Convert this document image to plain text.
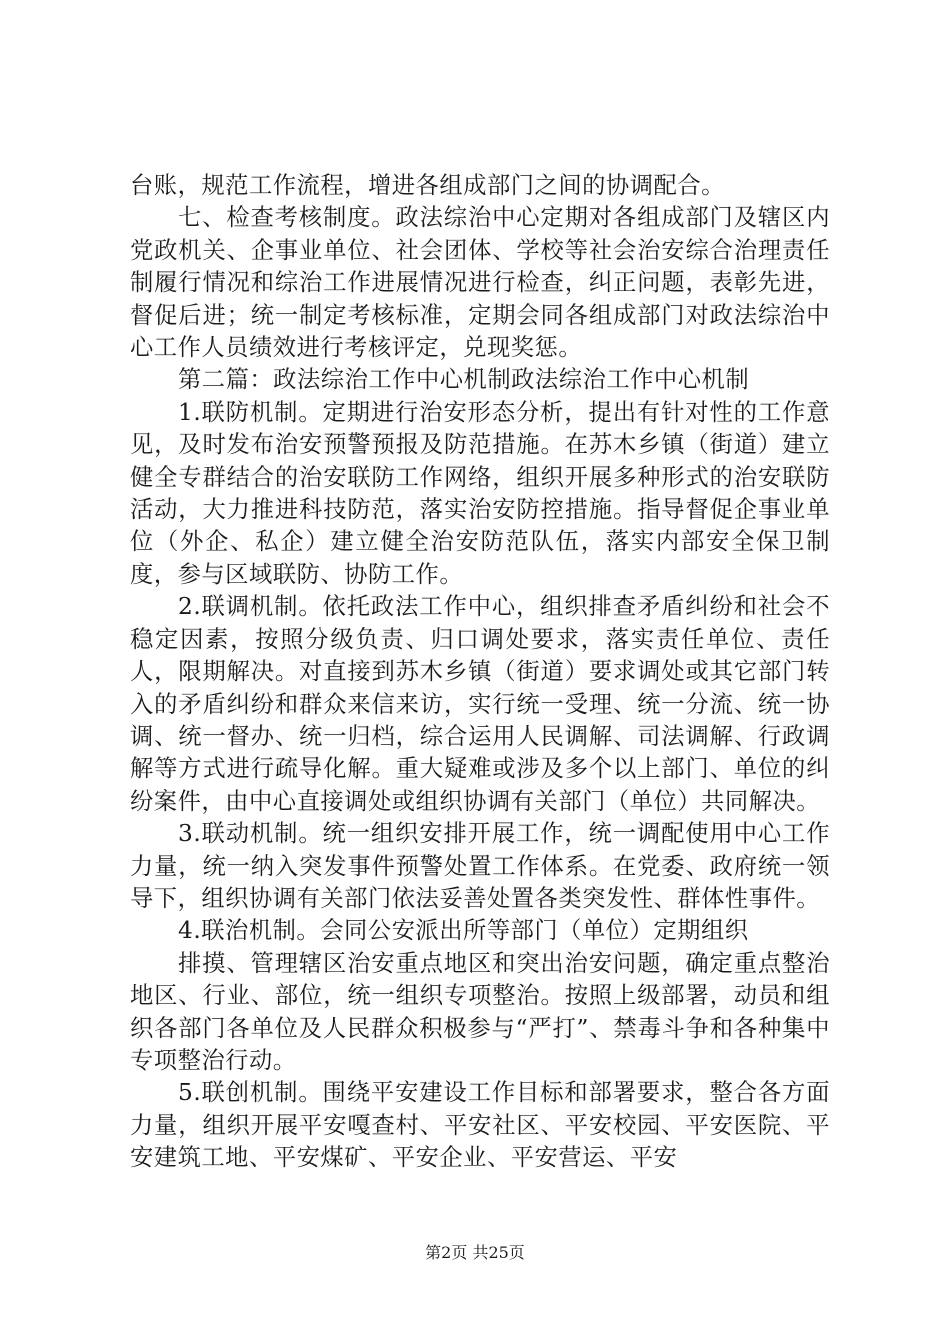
台账，规范工作流程，增进各组成部门之间的协调配合。

七、检查考核制度。政法综治中心定期对各组成部门及辖区内党政机关、企事业单位、社会团体、学校等社会治安综合治理责任制履行情况和综治工作进展情况进行检查，纠正问题，表彰先进，督促后进；统一制定考核标准，定期会同各组成部门对政法综治中心工作人员绩效进行考核评定，兑现奖惩。

第二篇：政法综治工作中心机制政法综治工作中心机制

1.联防机制。定期进行治安形态分析，提出有针对性的工作意见，及时发布治安预警预报及防范措施。在苏木乡镇（街道）建立健全专群结合的治安联防工作网络，组织开展多种形式的治安联防活动，大力推进科技防范，落实治安防控措施。指导督促企事业单位（外企、私企）建立健全治安防范队伍，落实内部安全保卫制度，参与区域联防、协防工作。

2.联调机制。依托政法工作中心，组织排查矛盾纠纷和社会不稳定因素，按照分级负责、归口调处要求，落实责任单位、责任人，限期解决。对直接到苏木乡镇（街道）要求调处或其它部门转入的矛盾纠纷和群众来信来访，实行统一受理、统一分流、统一协调、统一督办、统一归档，综合运用人民调解、司法调解、行政调解等方式进行疏导化解。重大疑难或涉及多个以上部门、单位的纠纷案件，由中心直接调处或组织协调有关部门（单位）共同解决。

3.联动机制。统一组织安排开展工作，统一调配使用中心工作力量，统一纳入突发事件预警处置工作体系。在党委、政府统一领导下，组织协调有关部门依法妥善处置各类突发性、群体性事件。

4.联治机制。会同公安派出所等部门（单位）定期组织

排摸、管理辖区治安重点地区和突出治安问题，确定重点整治地区、行业、部位，统一组织专项整治。按照上级部署，动员和组织各部门各单位及人民群众积极参与“严打”、禁毒斗争和各种集中专项整治行动。

5.联创机制。围绕平安建设工作目标和部署要求，整合各方面力量，组织开展平安嘎查村、平安社区、平安校园、平安医院、平安建筑工地、平安煤矿、平安企业、平安营运、平安

第2页 共25页
